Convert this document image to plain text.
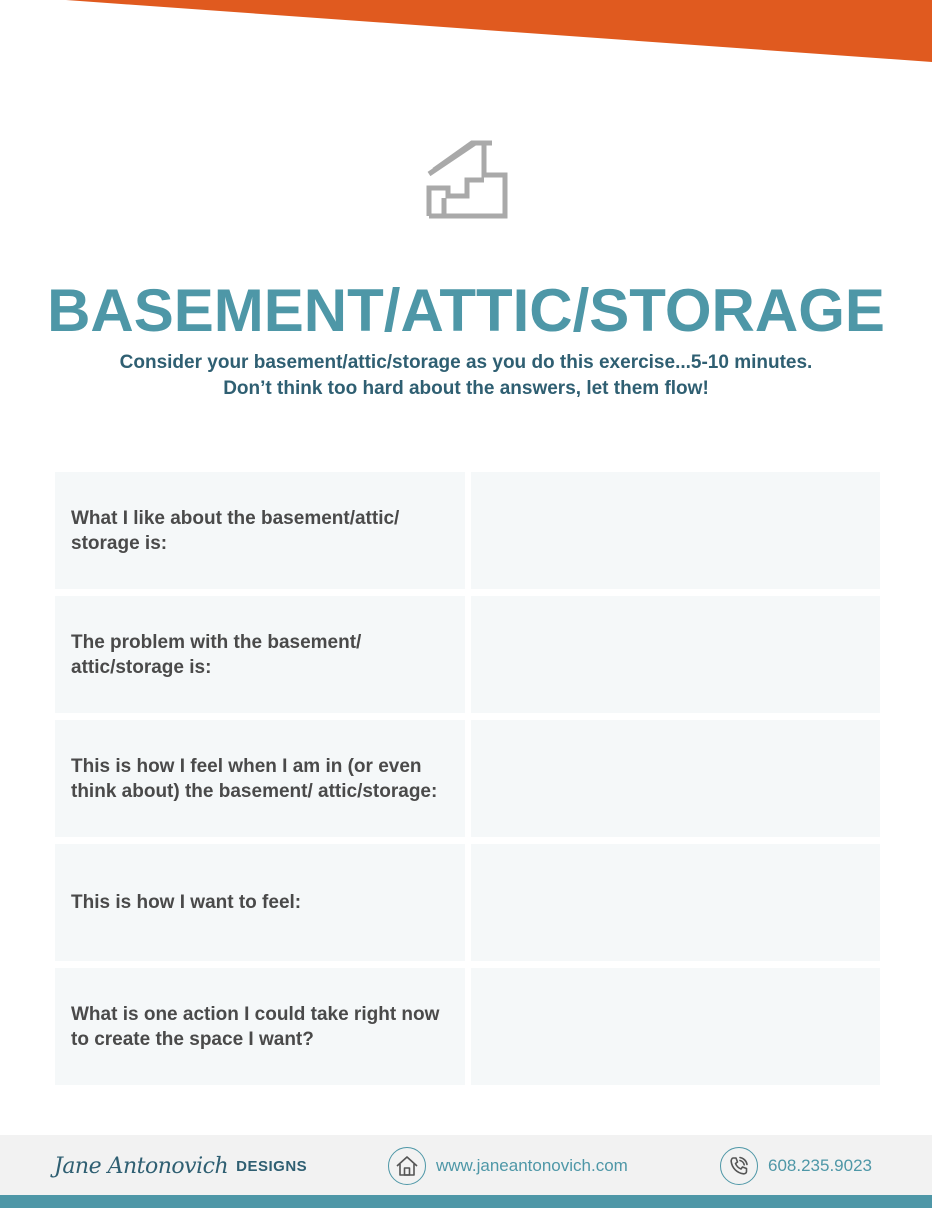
BASEMENT/ATTIC/STORAGE
Consider your basement/attic/storage as you do this exercise...5-10 minutes.
Don’t think too hard about the answers, let them flow!
What I like about the basement/attic/ storage is:
The problem with the basement/ attic/storage is:
This is how I feel when I am in (or even think about) the basement/ attic/storage:
This is how I want to feel:
What is one action I could take right now to create the space I want?
Jane Antonovich DESIGNS	www.janeantonovich.com	608.235.9023
